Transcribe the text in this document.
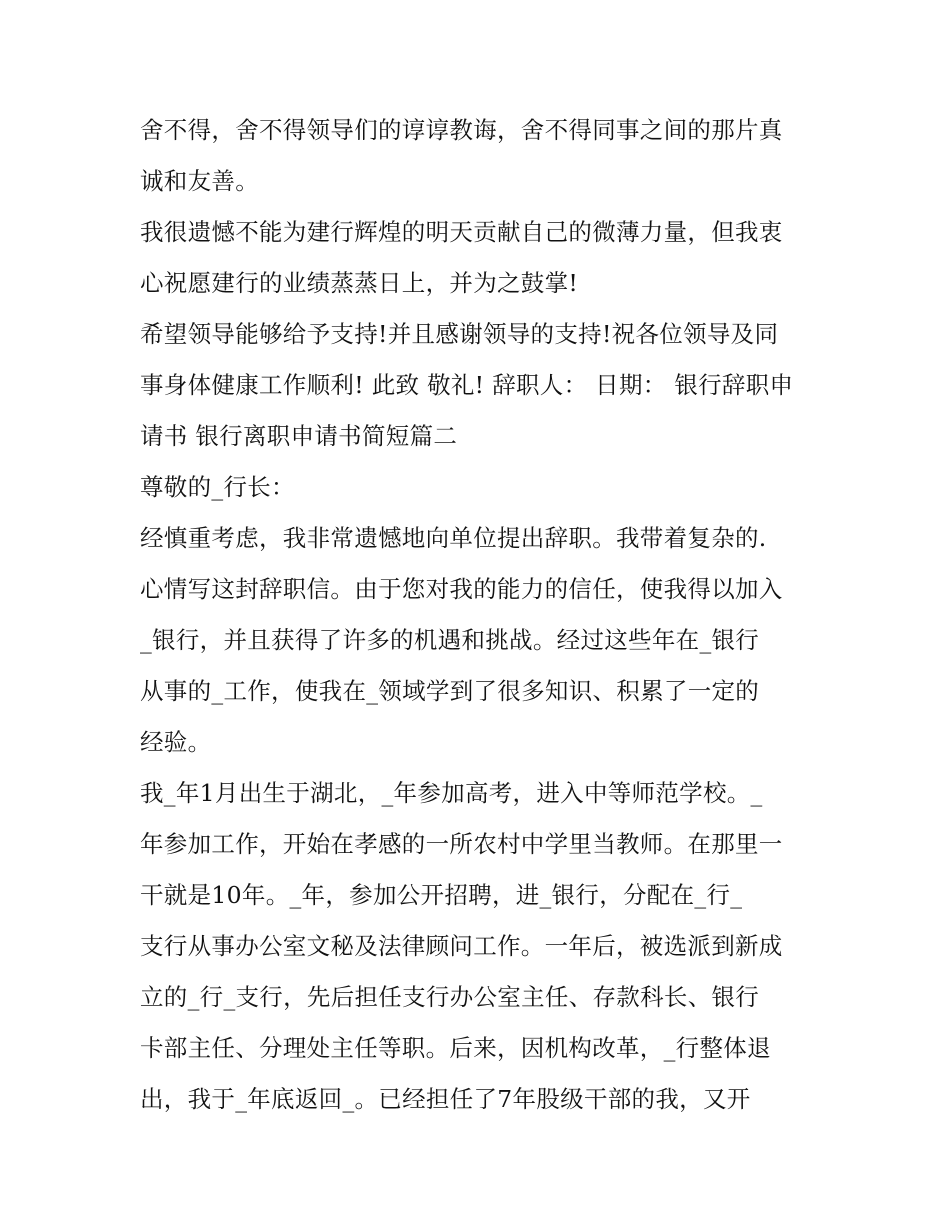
舍不得，舍不得领导们的谆谆教诲，舍不得同事之间的那片真
诚和友善。
我很遗憾不能为建行辉煌的明天贡献自己的微薄力量，但我衷
心祝愿建行的业绩蒸蒸日上，并为之鼓掌!
希望领导能够给予支持!并且感谢领导的支持!祝各位领导及同
事身体健康工作顺利! 此致 敬礼! 辞职人： 日期： 银行辞职申
请书 银行离职申请书简短篇二
尊敬的_行长：
经慎重考虑，我非常遗憾地向单位提出辞职。我带着复杂的.
心情写这封辞职信。由于您对我的能力的信任，使我得以加入
_银行，并且获得了许多的机遇和挑战。经过这些年在_银行
从事的_工作，使我在_领域学到了很多知识、积累了一定的
经验。
我_年1月出生于湖北，_年参加高考，进入中等师范学校。_
年参加工作，开始在孝感的一所农村中学里当教师。在那里一
干就是10年。_年，参加公开招聘，进_银行，分配在_行_
支行从事办公室文秘及法律顾问工作。一年后，被选派到新成
立的_行_支行，先后担任支行办公室主任、存款科长、银行
卡部主任、分理处主任等职。后来，因机构改革，_行整体退
出，我于_年底返回_。已经担任了7年股级干部的我，又开
